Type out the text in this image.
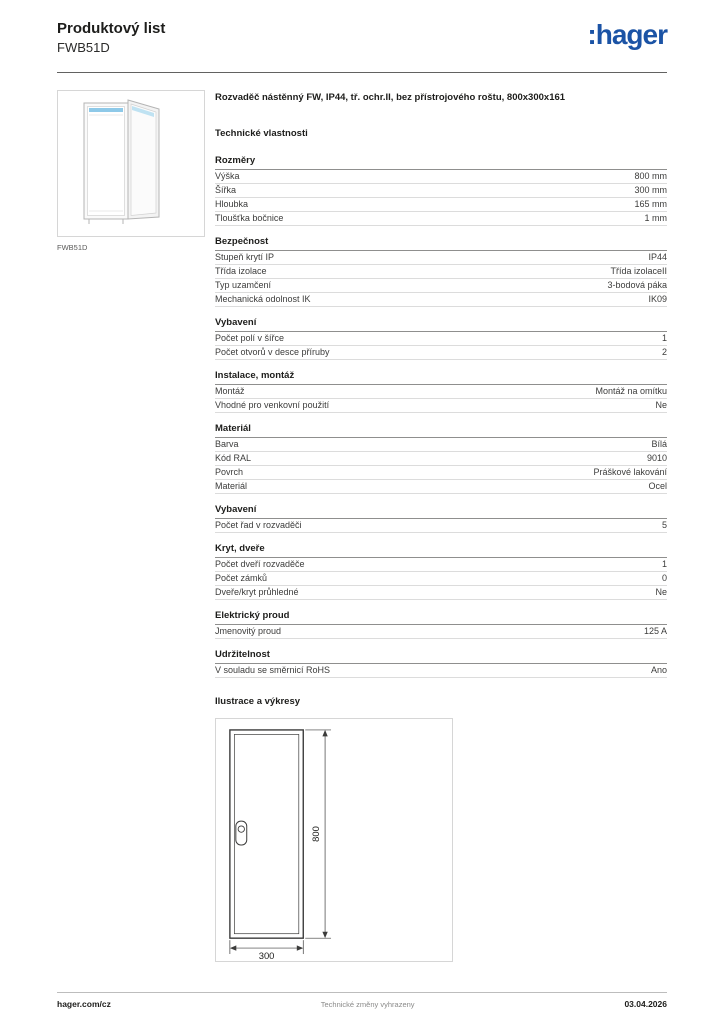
Produktový list
FWB51D	:hager
FWB51D
Rozvaděč nástěnný FW, IP44, tř. ochr.II, bez přístrojového roštu, 800x300x161
Technické vlastnosti
Rozměry
Výška	800 mm
Šířka	300 mm
Hloubka	165 mm
Tloušťka bočnice	1 mm
Bezpečnost
Stupeň krytí IP	IP44
Třída izolace	Třída izolaceII
Typ uzamčení	3-bodová páka
Mechanická odolnost IK	IK09
Vybavení
Počet polí v šířce	1
Počet otvorů v desce příruby	2
Instalace, montáž
Montáž	Montáž na omítku
Vhodné pro venkovní použití	Ne
Materiál
Barva	Bílá
Kód RAL	9010
Povrch	Práškové lakování
Materiál	Ocel
Vybavení
Počet řad v rozvaděči	5
Kryt, dveře
Počet dveří rozvaděče	1
Počet zámků	0
Dveře/kryt průhledné	Ne
Elektrický proud
Jmenovitý proud	125 A
Udržitelnost
V souladu se směrnicí RoHS	Ano
Ilustrace a výkresy
800
300
hager.com/cz	Technické změny vyhrazeny	03.04.2026
